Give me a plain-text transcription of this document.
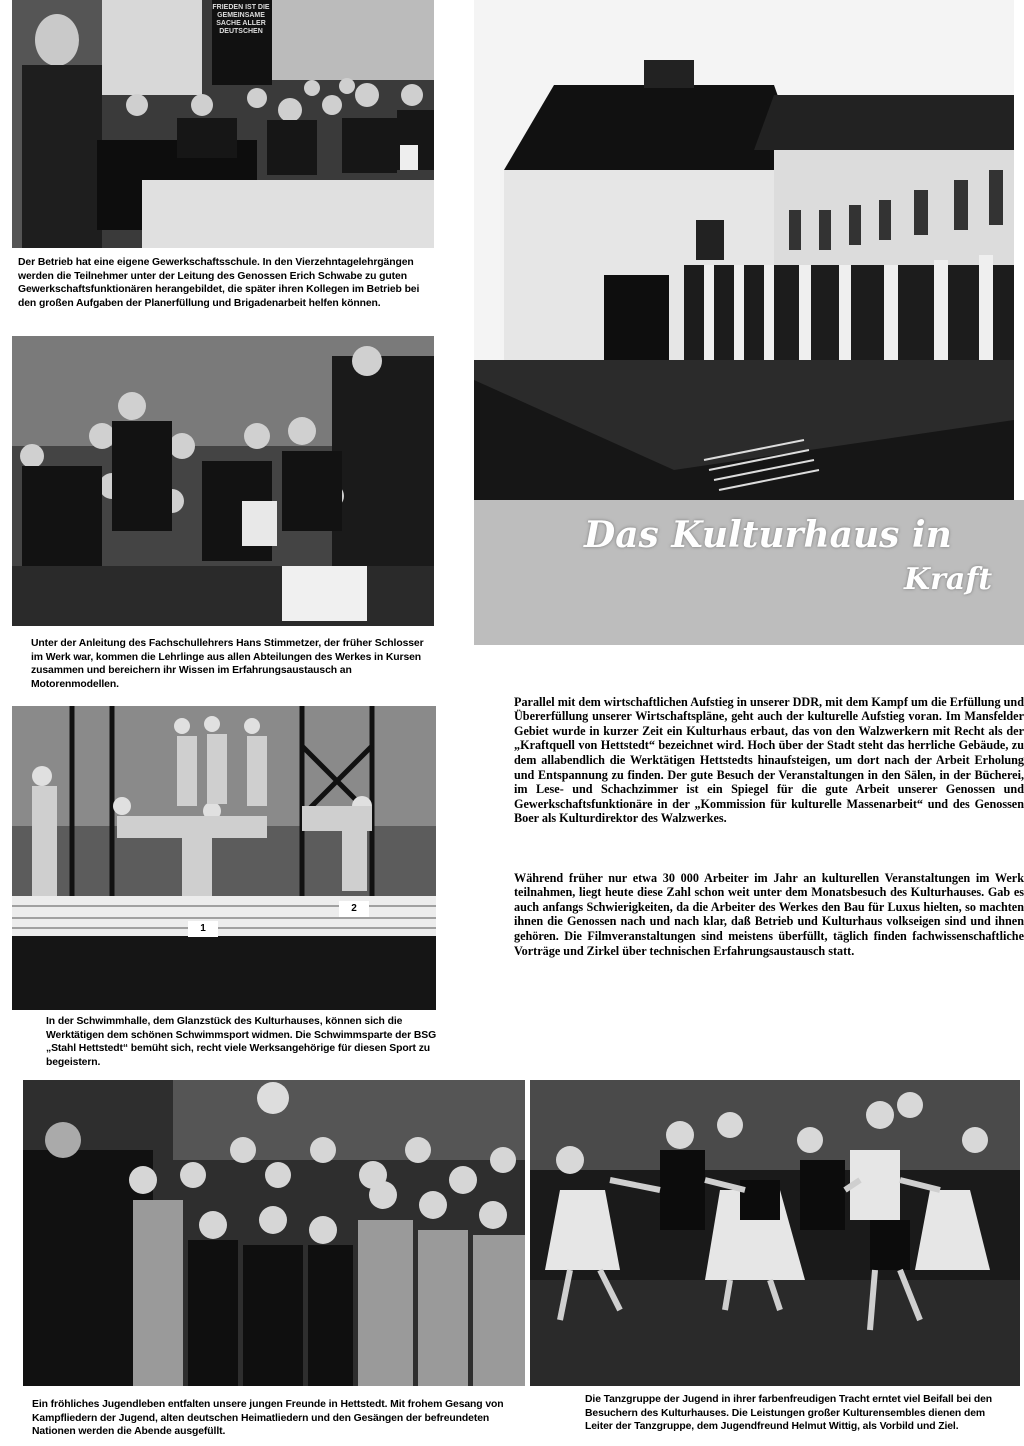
FRIEDEN IST DIE GEMEINSAME SACHE ALLER DEUTSCHEN
Der Betrieb hat eine eigene Gewerkschaftsschule. In den Vierzehntagelehrgängen werden die Teilnehmer unter der Leitung des Genossen Erich Schwabe zu guten Gewerkschaftsfunktionären herangebildet, die später ihren Kollegen im Betrieb bei den großen Aufgaben der Planerfüllung und Brigadenarbeit helfen können.
Unter der Anleitung des Fachschullehrers Hans Stimmetzer, der früher Schlosser im Werk war, kommen die Lehrlinge aus allen Abteilungen des Werkes in Kursen zusammen und bereichern ihr Wissen im Erfahrungsaustausch an Motorenmodellen.
1
2
In der Schwimmhalle, dem Glanzstück des Kulturhauses, können sich die Werktätigen dem schönen Schwimmsport widmen. Die Schwimmsparte der BSG „Stahl Hettstedt“ bemüht sich, recht viele Werksangehörige für diesen Sport zu begeistern.
Das Kulturhaus in
Kraft

Parallel mit dem wirtschaftlichen Aufstieg in unserer DDR, mit dem Kampf um die Erfüllung und Übererfüllung unserer Wirtschaftspläne, geht auch der kulturelle Aufstieg voran. Im Mansfelder Gebiet wurde in kurzer Zeit ein Kulturhaus erbaut, das von den Walzwerkern mit Recht als der „Kraftquell von Hettstedt“ bezeichnet wird. Hoch über der Stadt steht das herrliche Gebäude, zu dem allabendlich die Werktätigen Hettstedts hinaufsteigen, um dort nach der Arbeit Erholung und Entspannung zu finden. Der gute Besuch der Veranstaltungen in den Sälen, in der Bücherei, im Lese- und Schachzimmer ist ein Spiegel für die gute Arbeit unserer Genossen und Gewerkschaftsfunktionäre in der „Kommission für kulturelle Massenarbeit“ und des Genossen Boer als Kulturdirektor des Walzwerkes.

Während früher nur etwa 30 000 Arbeiter im Jahr an kulturellen Veranstaltungen im Werk teilnahmen, liegt heute diese Zahl schon weit unter dem Monatsbesuch des Kulturhauses. Gab es auch anfangs Schwierigkeiten, da die Arbeiter des Werkes den Bau für Luxus hielten, so machten ihnen die Genossen nach und nach klar, daß Betrieb und Kulturhaus volkseigen sind und ihnen gehören. Die Filmveranstaltungen sind meistens überfüllt, täglich finden fachwissenschaftliche Vorträge und Zirkel über technischen Erfahrungsaustausch statt.

Ein fröhliches Jugendleben entfalten unsere jungen Freunde in Hettstedt. Mit frohem Gesang von Kampfliedern der Jugend, alten deutschen Heimatliedern und den Gesängen der befreundeten Nationen werden die Abende ausgefüllt.
Die Tanzgruppe der Jugend in ihrer farbenfreudigen Tracht erntet viel Beifall bei den Besuchern des Kulturhauses. Die Leistungen großer Kulturensembles dienen dem Leiter der Tanzgruppe, dem Jugendfreund Helmut Wittig, als Vorbild und Ziel.
